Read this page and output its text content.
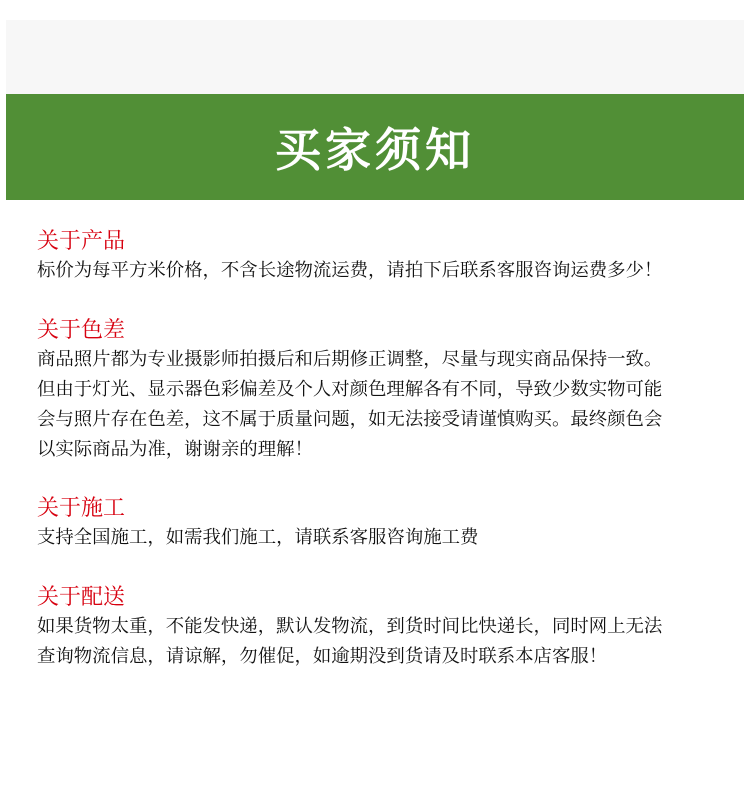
买家须知
关于产品

标价为每平方米价格，不含长途物流运费，请拍下后联系客服咨询运费多少！

关于色差

商品照片都为专业摄影师拍摄后和后期修正调整，尽量与现实商品保持一致。

但由于灯光、显示器色彩偏差及个人对颜色理解各有不同，导致少数实物可能

会与照片存在色差，这不属于质量问题，如无法接受请谨慎购买。最终颜色会

以实际商品为准，谢谢亲的理解！

关于施工

支持全国施工，如需我们施工，请联系客服咨询施工费

关于配送

如果货物太重，不能发快递，默认发物流，到货时间比快递长，同时网上无法

查询物流信息，请谅解，勿催促，如逾期没到货请及时联系本店客服！
